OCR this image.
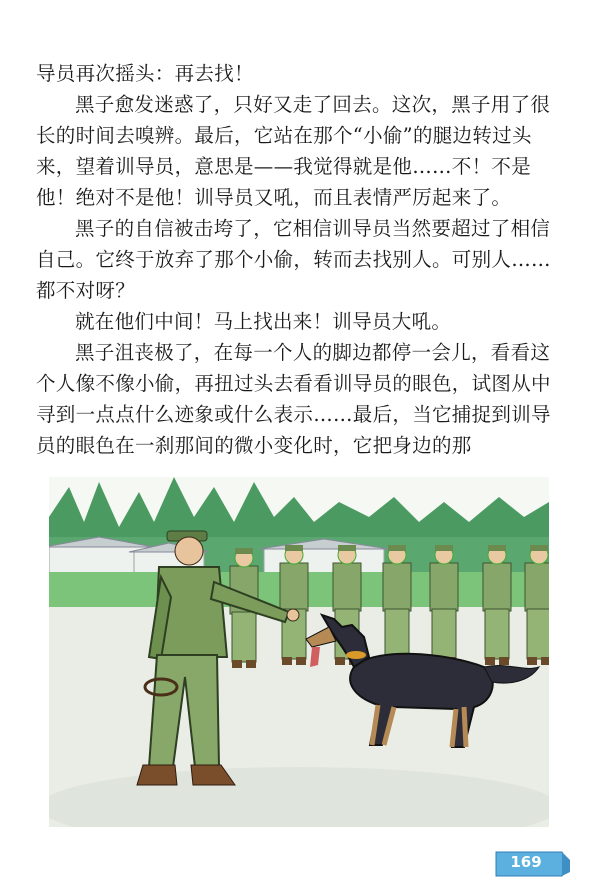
导员再次摇头：再去找！

黑子愈发迷惑了，只好又走了回去。这次，黑子用了很长的时间去嗅辨。最后，它站在那个“小偷”的腿边转过头来，望着训导员，意思是——我觉得就是他……不！不是他！绝对不是他！训导员又吼，而且表情严厉起来了。

黑子的自信被击垮了，它相信训导员当然要超过了相信自己。它终于放弃了那个小偷，转而去找别人。可别人……都不对呀？

就在他们中间！马上找出来！训导员大吼。

黑子沮丧极了，在每一个人的脚边都停一会儿，看看这个人像不像小偷，再扭过头去看看训导员的眼色，试图从中寻到一点点什么迹象或什么表示……最后，当它捕捉到训导员的眼色在一刹那间的微小变化时，它把身边的那

169
